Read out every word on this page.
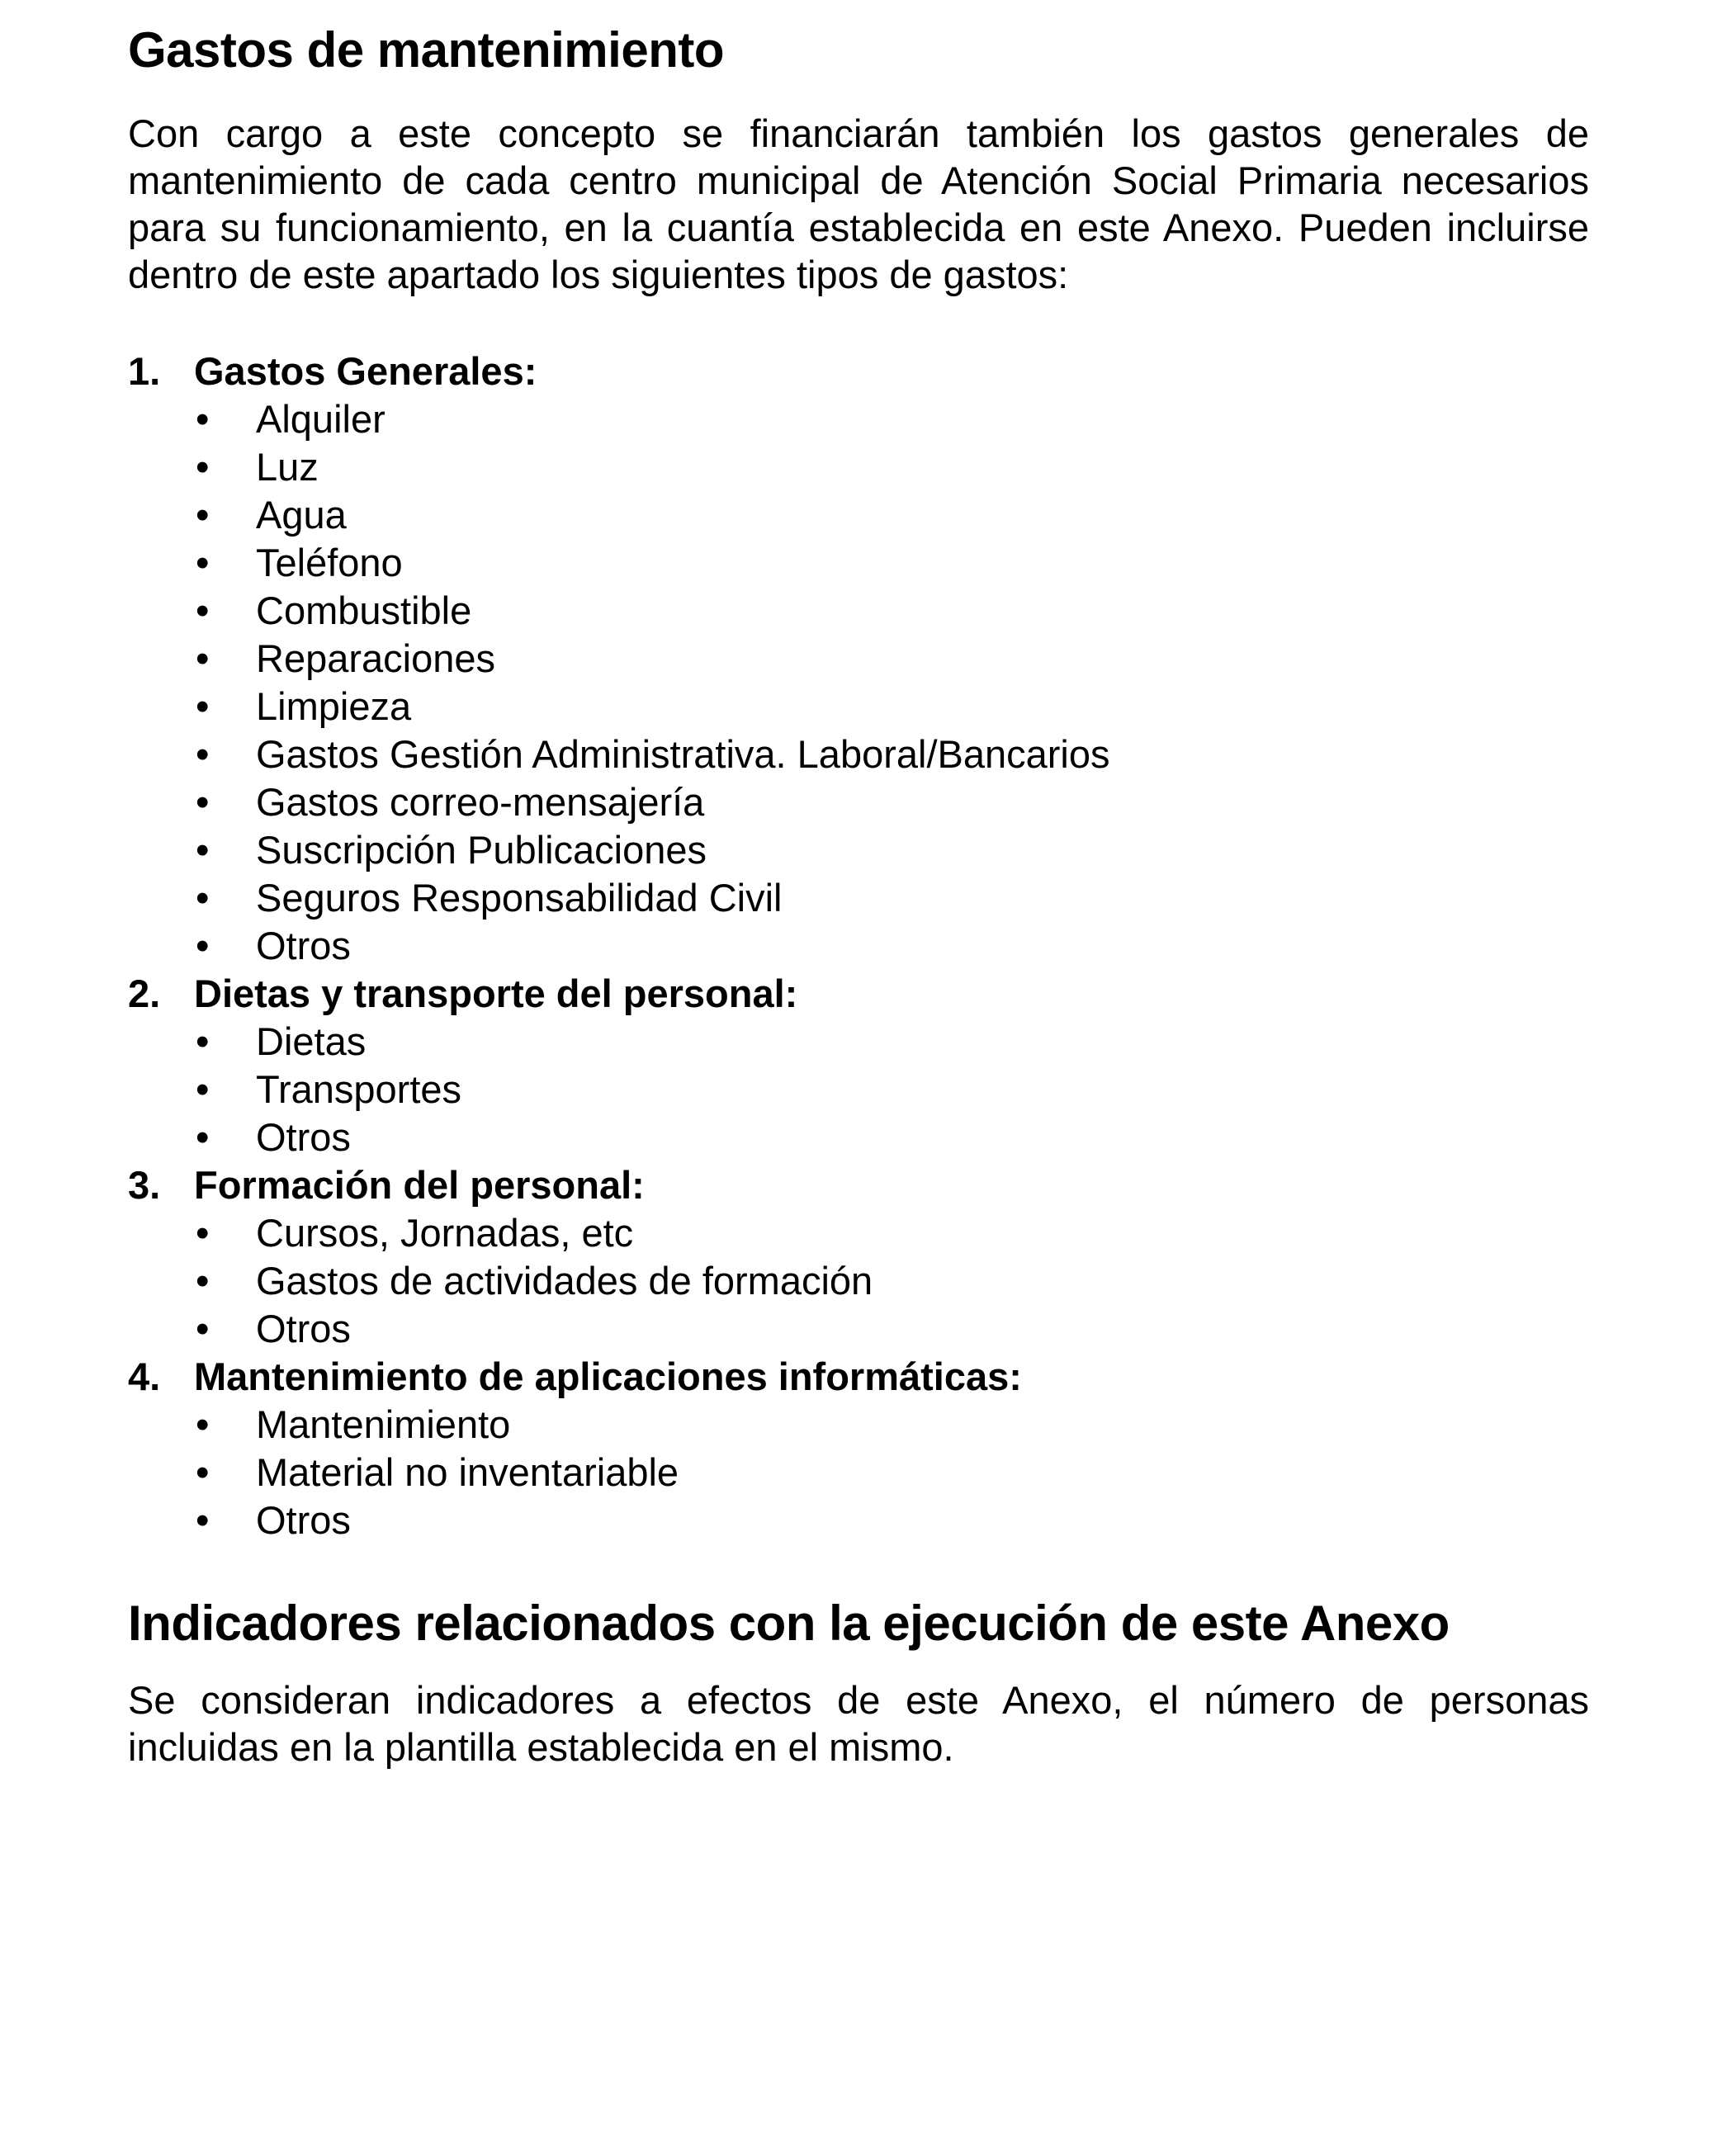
Gastos de mantenimiento

Con cargo a este concepto se financiarán también los gastos generales de mantenimiento de cada centro municipal de Atención Social Primaria necesarios para su funcionamiento, en la cuantía establecida en este Anexo. Pueden incluirse dentro de este apartado los siguientes tipos de gastos:

1. Gastos Generales:
•	Alquiler
•	Luz
•	Agua
•	Teléfono
•	Combustible
•	Reparaciones
•	Limpieza
•	Gastos Gestión Administrativa. Laboral/Bancarios
•	Gastos correo-mensajería
•	Suscripción Publicaciones
•	Seguros Responsabilidad Civil
•	Otros
2. Dietas y transporte del personal:
•	Dietas
•	Transportes
•	Otros
3. Formación del personal:
•	Cursos, Jornadas, etc
•	Gastos de actividades de formación
•	Otros
4. Mantenimiento de aplicaciones informáticas:
•	Mantenimiento
•	Material no inventariable
•	Otros
Indicadores relacionados con la ejecución de este Anexo

Se consideran indicadores a efectos de este Anexo, el número de personas incluidas en la plantilla establecida en el mismo.
